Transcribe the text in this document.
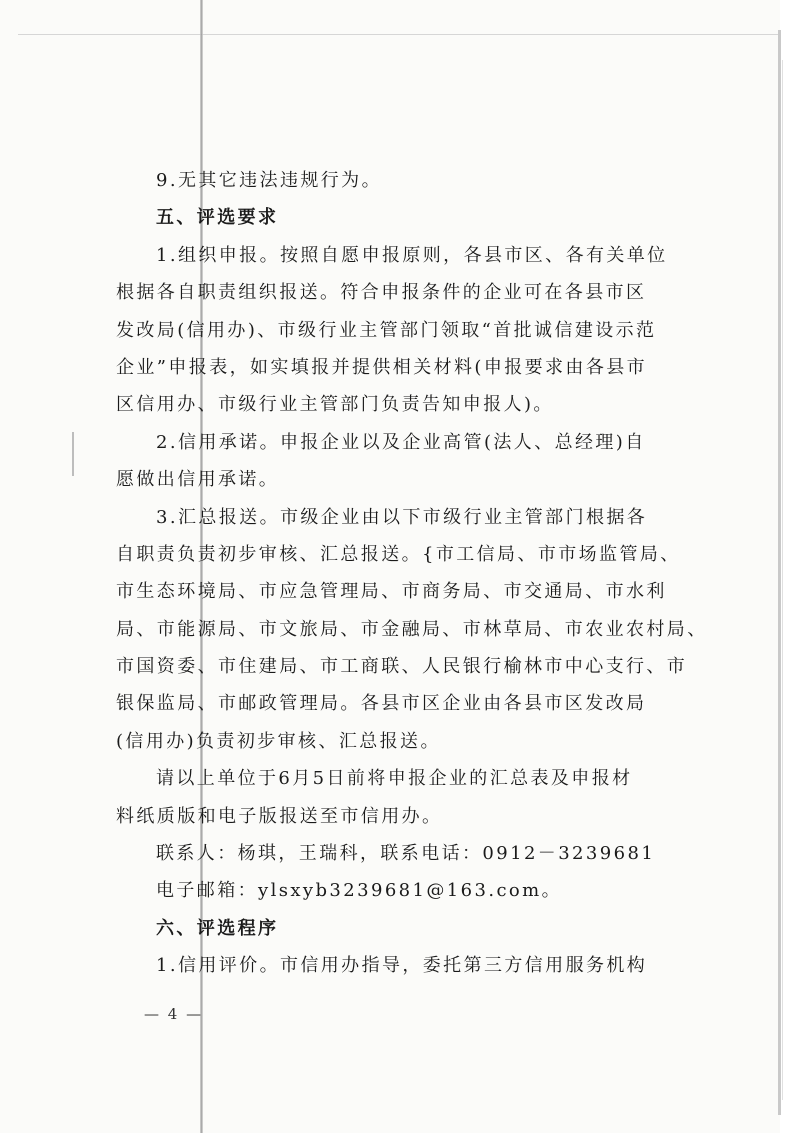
9.无其它违法违规行为。
五、评选要求
1.组织申报。按照自愿申报原则，各县市区、各有关单位
根据各自职责组织报送。符合申报条件的企业可在各县市区
发改局(信用办)、市级行业主管部门领取“首批诚信建设示范
企业”申报表，如实填报并提供相关材料(申报要求由各县市
区信用办、市级行业主管部门负责告知申报人)。
2.信用承诺。申报企业以及企业高管(法人、总经理)自
愿做出信用承诺。
3.汇总报送。市级企业由以下市级行业主管部门根据各
自职责负责初步审核、汇总报送。{市工信局、市市场监管局、
市生态环境局、市应急管理局、市商务局、市交通局、市水利
局、市能源局、市文旅局、市金融局、市林草局、市农业农村局、
市国资委、市住建局、市工商联、人民银行榆林市中心支行、市
银保监局、市邮政管理局。各县市区企业由各县市区发改局
(信用办)负责初步审核、汇总报送。
请以上单位于6月5日前将申报企业的汇总表及申报材
料纸质版和电子版报送至市信用办。
联系人：杨琪，王瑞科，联系电话：0912－3239681
电子邮箱：ylsxyb3239681@163.com。
六、评选程序
1.信用评价。市信用办指导，委托第三方信用服务机构
— 4 —
